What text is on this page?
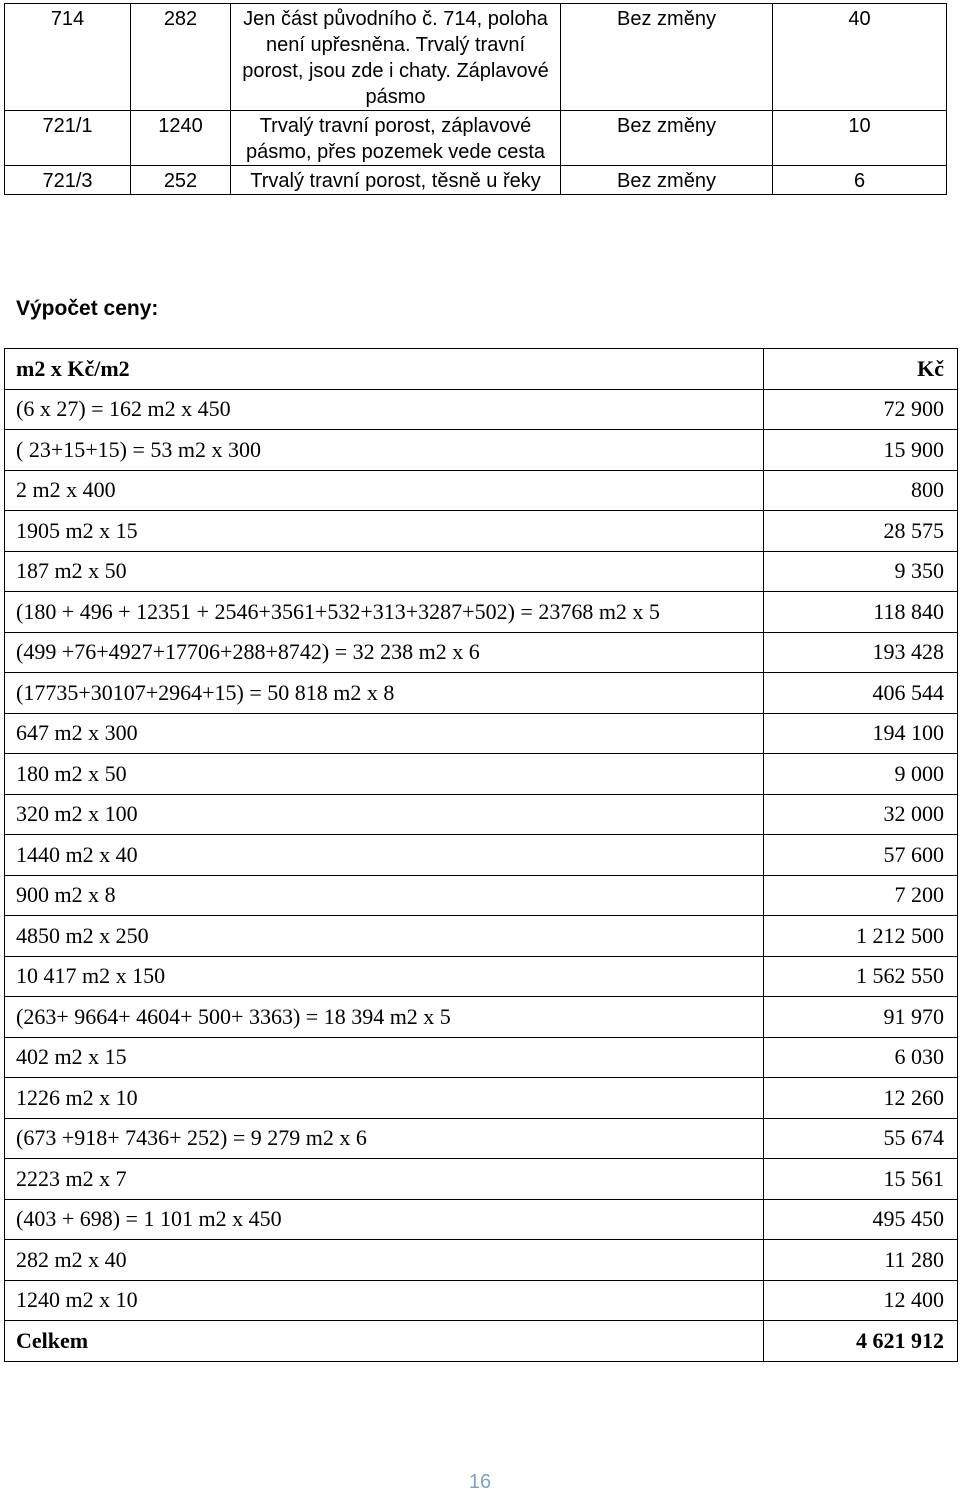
714	282	Jen část původního č. 714, poloha není upřesněna. Trvalý travní porost, jsou zde i chaty. Záplavové pásmo	Bez změny	40
721/1	1240	Trvalý travní porost, záplavové pásmo, přes pozemek vede cesta	Bez změny	10
721/3	252	Trvalý travní porost, těsně u řeky	Bez změny	6
Výpočet ceny:
m2 x Kč/m2	Kč
(6 x 27) = 162 m2 x 450	72 900
( 23+15+15) = 53 m2 x 300	15 900
2 m2 x 400	800
1905 m2 x 15	28 575
187 m2 x 50	9 350
(180 + 496 + 12351 + 2546+3561+532+313+3287+502) = 23768 m2 x 5	118 840
(499 +76+4927+17706+288+8742) = 32 238 m2 x 6	193 428
(17735+30107+2964+15) = 50 818 m2 x 8	406 544
647 m2 x 300	194 100
180 m2 x 50	9 000
320 m2 x 100	32 000
1440 m2 x 40	57 600
900 m2 x 8	7 200
4850 m2 x 250	1 212 500
10 417 m2 x 150	1 562 550
(263+ 9664+ 4604+ 500+ 3363) = 18 394 m2 x 5	91 970
402 m2 x 15	6 030
1226 m2 x 10	12 260
(673 +918+ 7436+ 252) = 9 279 m2 x 6	55 674
2223 m2 x 7	15 561
(403 + 698) = 1 101 m2 x 450	495 450
282 m2 x 40	11 280
1240 m2 x 10	12 400
Celkem	4 621 912
16
